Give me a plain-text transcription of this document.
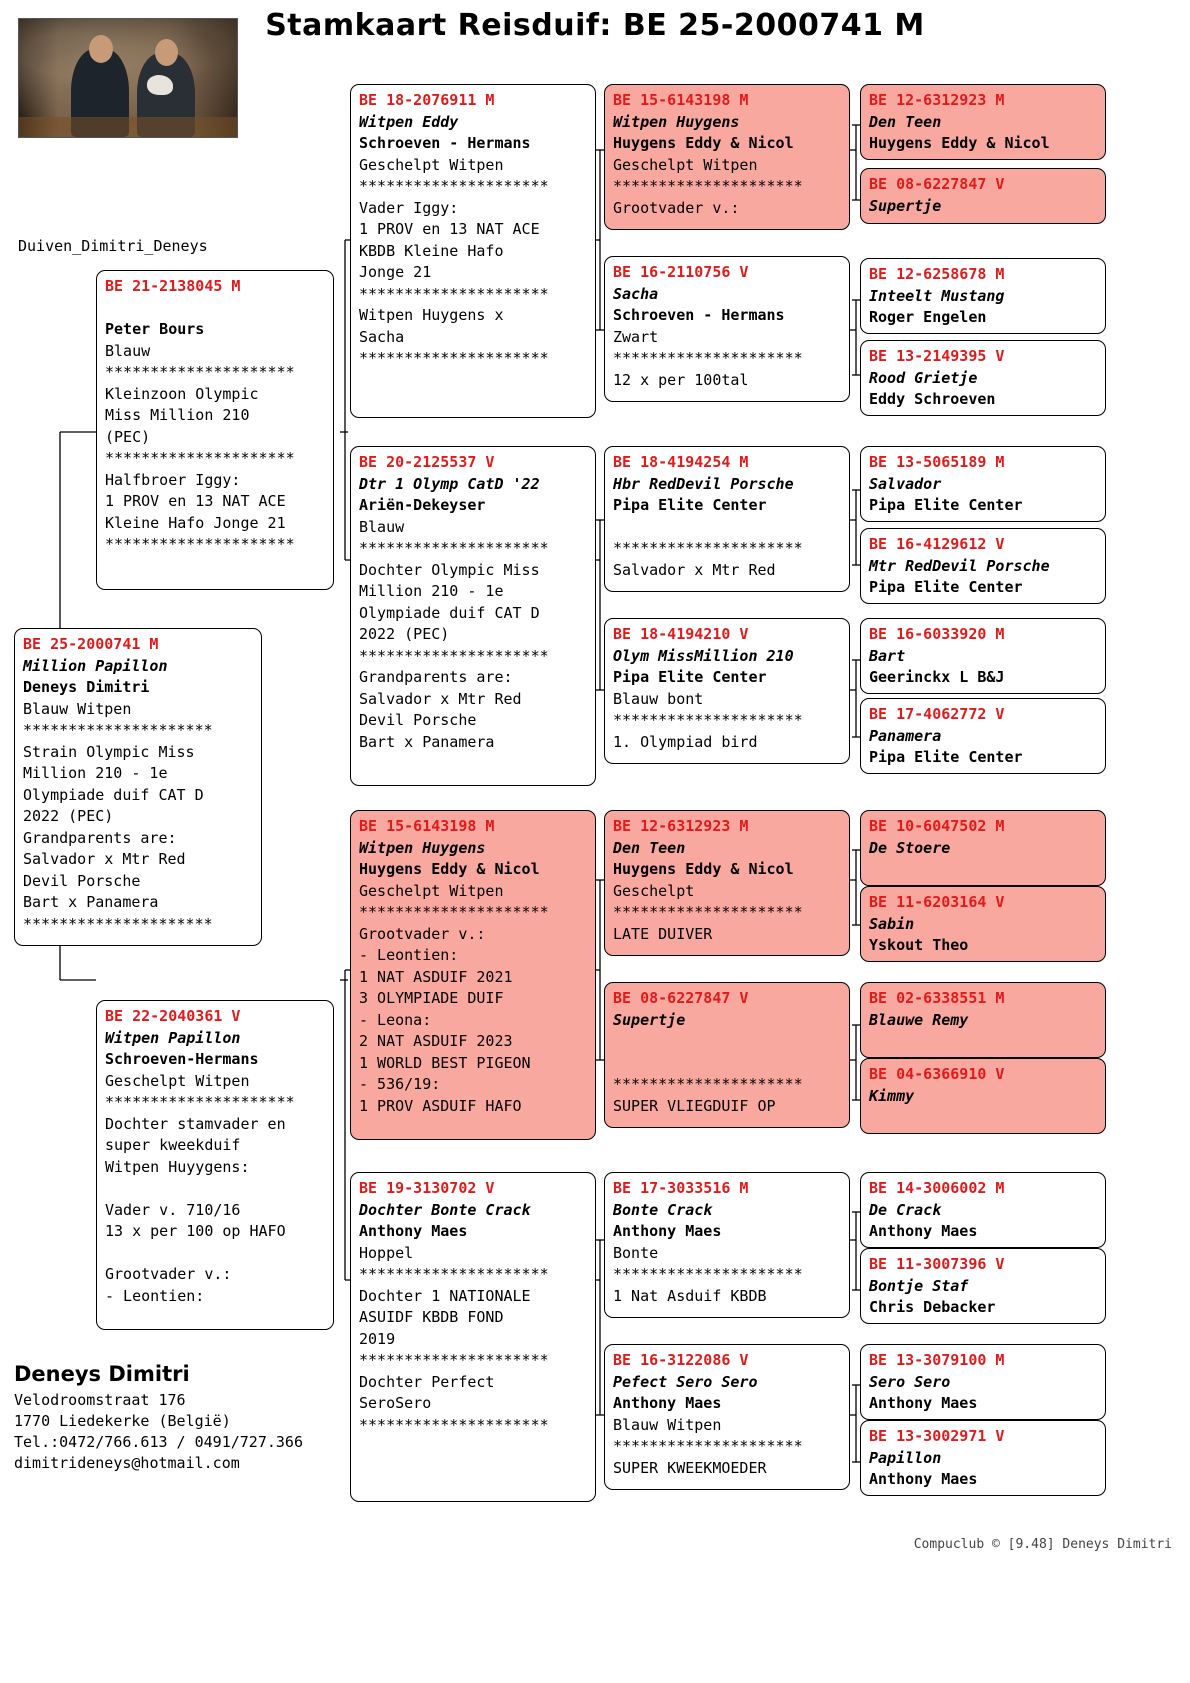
Stamkaart Reisduif: BE 25-2000741 M
Duiven_Dimitri_Deneys
BE 25-2000741 M
Million Papillon
Deneys Dimitri
Blauw Witpen
*********************
Strain Olympic Miss
Million 210 - 1e
Olympiade duif CAT D
2022 (PEC)
Grandparents are:
Salvador x Mtr Red
Devil Porsche
Bart x Panamera
*********************
BE 21-2138045 M
Peter Bours
Blauw
*********************
Kleinzoon Olympic
Miss Million 210
(PEC)
*********************
Halfbroer Iggy:
1 PROV en 13 NAT ACE
Kleine Hafo Jonge 21
*********************
BE 22-2040361 V
Witpen Papillon
Schroeven-Hermans
Geschelpt Witpen
*********************
Dochter stamvader en
super kweekduif
Witpen Huyygens:
Vader v. 710/16
13 x per 100 op HAFO
Grootvader v.:
- Leontien:
BE 18-2076911 M
Witpen Eddy
Schroeven - Hermans
Geschelpt Witpen
*********************
Vader Iggy:
1 PROV en 13 NAT ACE
KBDB Kleine Hafo
Jonge 21
*********************
Witpen Huygens x
Sacha
*********************
BE 20-2125537 V
Dtr 1 Olymp CatD '22
Ariën-Dekeyser
Blauw
*********************
Dochter Olympic Miss
Million 210 - 1e
Olympiade duif CAT D
2022 (PEC)
*********************
Grandparents are:
Salvador x Mtr Red
Devil Porsche
Bart x Panamera
BE 15-6143198 M
Witpen Huygens
Huygens Eddy & Nicol
Geschelpt Witpen
*********************
Grootvader v.:
- Leontien:
1 NAT ASDUIF 2021
3 OLYMPIADE DUIF
- Leona:
2 NAT ASDUIF 2023
1 WORLD BEST PIGEON
- 536/19:
1 PROV ASDUIF HAFO
BE 19-3130702 V
Dochter Bonte Crack
Anthony Maes
Hoppel
*********************
Dochter 1 NATIONALE
ASUIDF KBDB FOND
2019
*********************
Dochter Perfect
SeroSero
*********************
BE 15-6143198 M
Witpen Huygens
Huygens Eddy & Nicol
Geschelpt Witpen
*********************
Grootvader v.:
BE 16-2110756 V
Sacha
Schroeven - Hermans
Zwart
*********************
12 x per 100tal
BE 18-4194254 M
Hbr RedDevil Porsche
Pipa Elite Center
*********************
Salvador x Mtr Red
BE 18-4194210 V
Olym MissMillion 210
Pipa Elite Center
Blauw bont
*********************
1. Olympiad bird
BE 12-6312923 M
Den Teen
Huygens Eddy & Nicol
Geschelpt
*********************
LATE DUIVER
BE 08-6227847 V
Supertje
*********************
SUPER VLIEGDUIF OP
BE 17-3033516 M
Bonte Crack
Anthony Maes
Bonte
*********************
1 Nat Asduif KBDB
BE 16-3122086 V
Pefect Sero Sero
Anthony Maes
Blauw Witpen
*********************
SUPER KWEEKMOEDER
BE 12-6312923 M
Den Teen
Huygens Eddy & Nicol
BE 08-6227847 V
Supertje
BE 12-6258678 M
Inteelt Mustang
Roger Engelen
BE 13-2149395 V
Rood Grietje
Eddy Schroeven
BE 13-5065189 M
Salvador
Pipa Elite Center
BE 16-4129612 V
Mtr RedDevil Porsche
Pipa Elite Center
BE 16-6033920 M
Bart
Geerinckx L B&J
BE 17-4062772 V
Panamera
Pipa Elite Center
BE 10-6047502 M
De Stoere
BE 11-6203164 V
Sabin
Yskout Theo
BE 02-6338551 M
Blauwe Remy
BE 04-6366910 V
Kimmy
BE 14-3006002 M
De Crack
Anthony Maes
BE 11-3007396 V
Bontje Staf
Chris Debacker
BE 13-3079100 M
Sero Sero
Anthony Maes
BE 13-3002971 V
Papillon
Anthony Maes
Deneys Dimitri
Velodroomstraat 176
1770 Liedekerke (België)
Tel.:0472/766.613 / 0491/727.366
dimitrideneys@hotmail.com
Compuclub © [9.48] Deneys Dimitri
